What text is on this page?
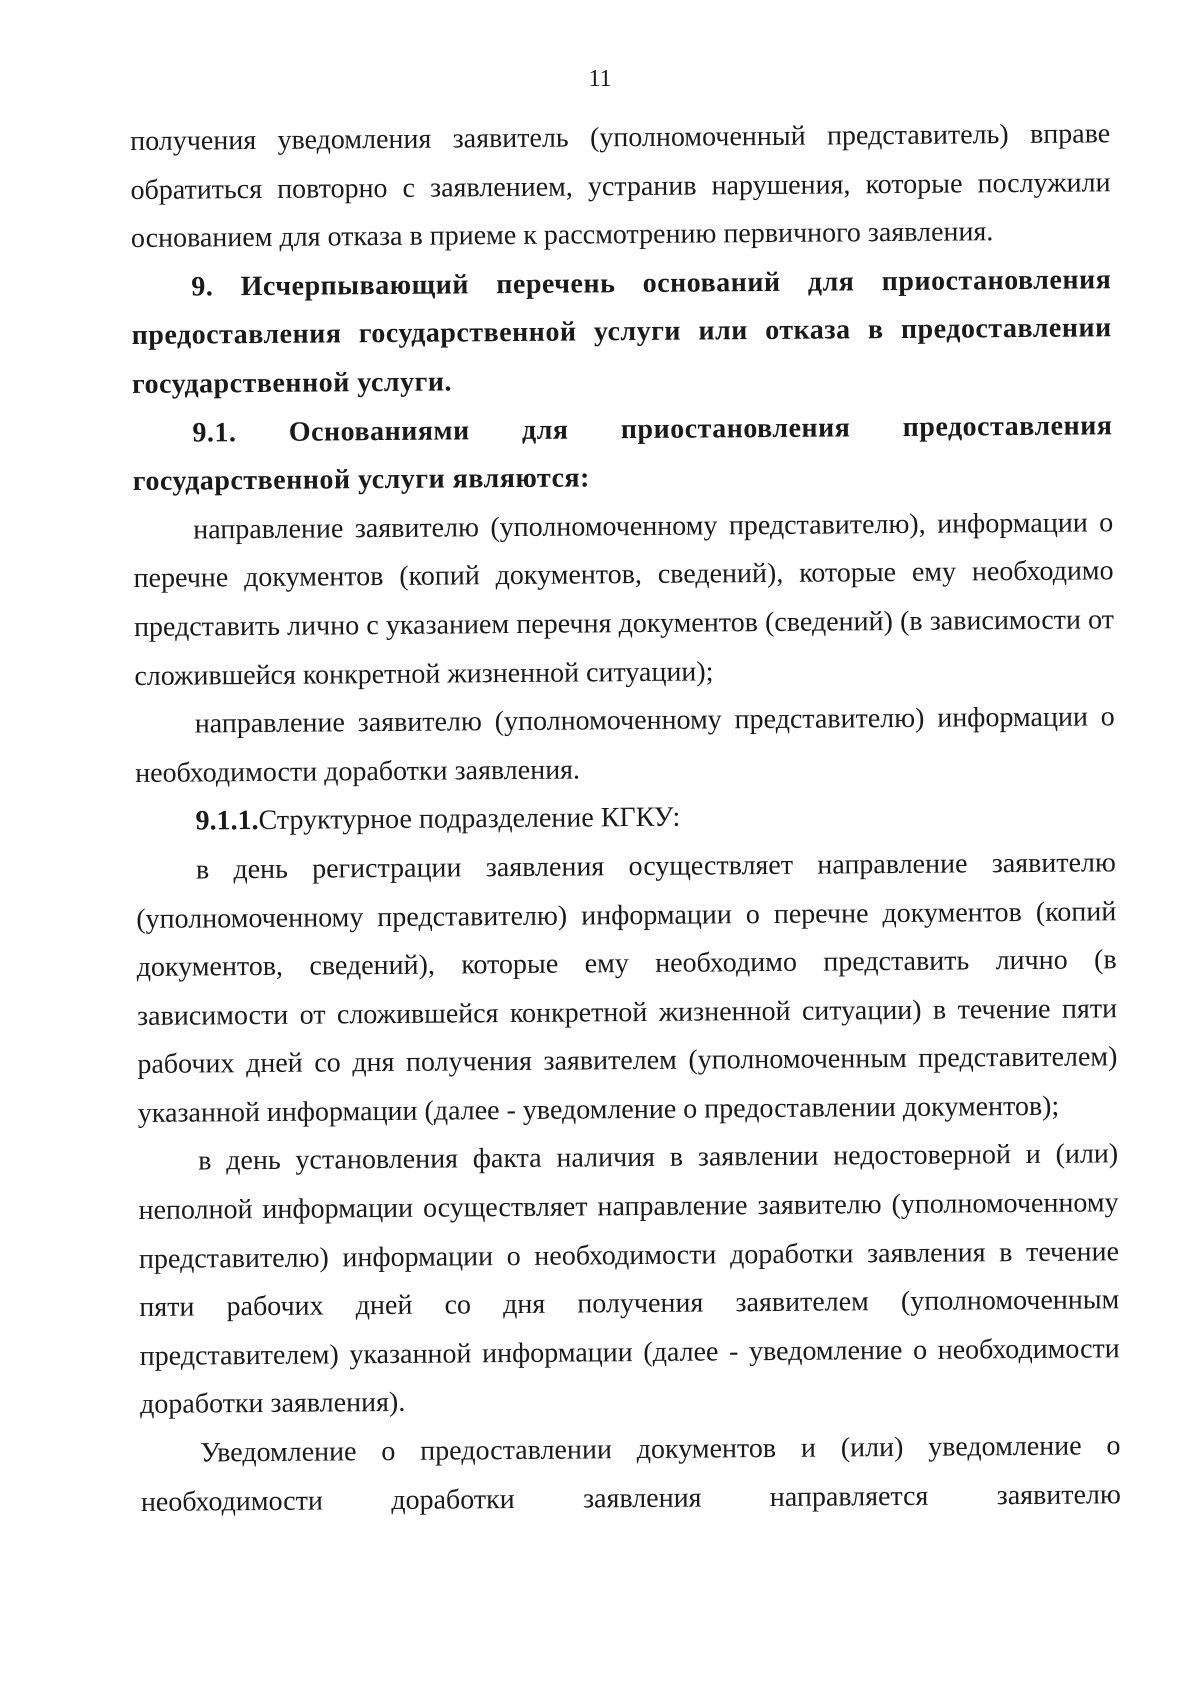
11

получения уведомления заявитель (уполномоченный представитель) вправе обратиться повторно с заявлением, устранив нарушения, которые послужили основанием для отказа в приеме к рассмотрению первичного заявления.

9. Исчерпывающий перечень оснований для приостановления предоставления государственной услуги или отказа в предоставлении государственной услуги.

9.1. Основаниями для приостановления предоставления государственной услуги являются:

направление заявителю (уполномоченному представителю), информации о перечне документов (копий документов, сведений), которые ему необходимо представить лично с указанием перечня документов (сведений) (в зависимости от сложившейся конкретной жизненной ситуации);

направление заявителю (уполномоченному представителю) информации о необходимости доработки заявления.

9.1.1.Структурное подразделение КГКУ:

в день регистрации заявления осуществляет направление заявителю (уполномоченному представителю) информации о перечне документов (копий документов, сведений), которые ему необходимо представить лично (в зависимости от сложившейся конкретной жизненной ситуации) в течение пяти рабочих дней со дня получения заявителем (уполномоченным представителем) указанной информации (далее - уведомление о предоставлении документов);

в день установления факта наличия в заявлении недостоверной и (или) неполной информации осуществляет направление заявителю (уполномоченному представителю) информации о необходимости доработки заявления в течение пяти рабочих дней со дня получения заявителем (уполномоченным представителем) указанной информации (далее - уведомление о необходимости доработки заявления).

Уведомление о предоставлении документов и (или) уведомление о необходимости доработки заявления направляется заявителю
